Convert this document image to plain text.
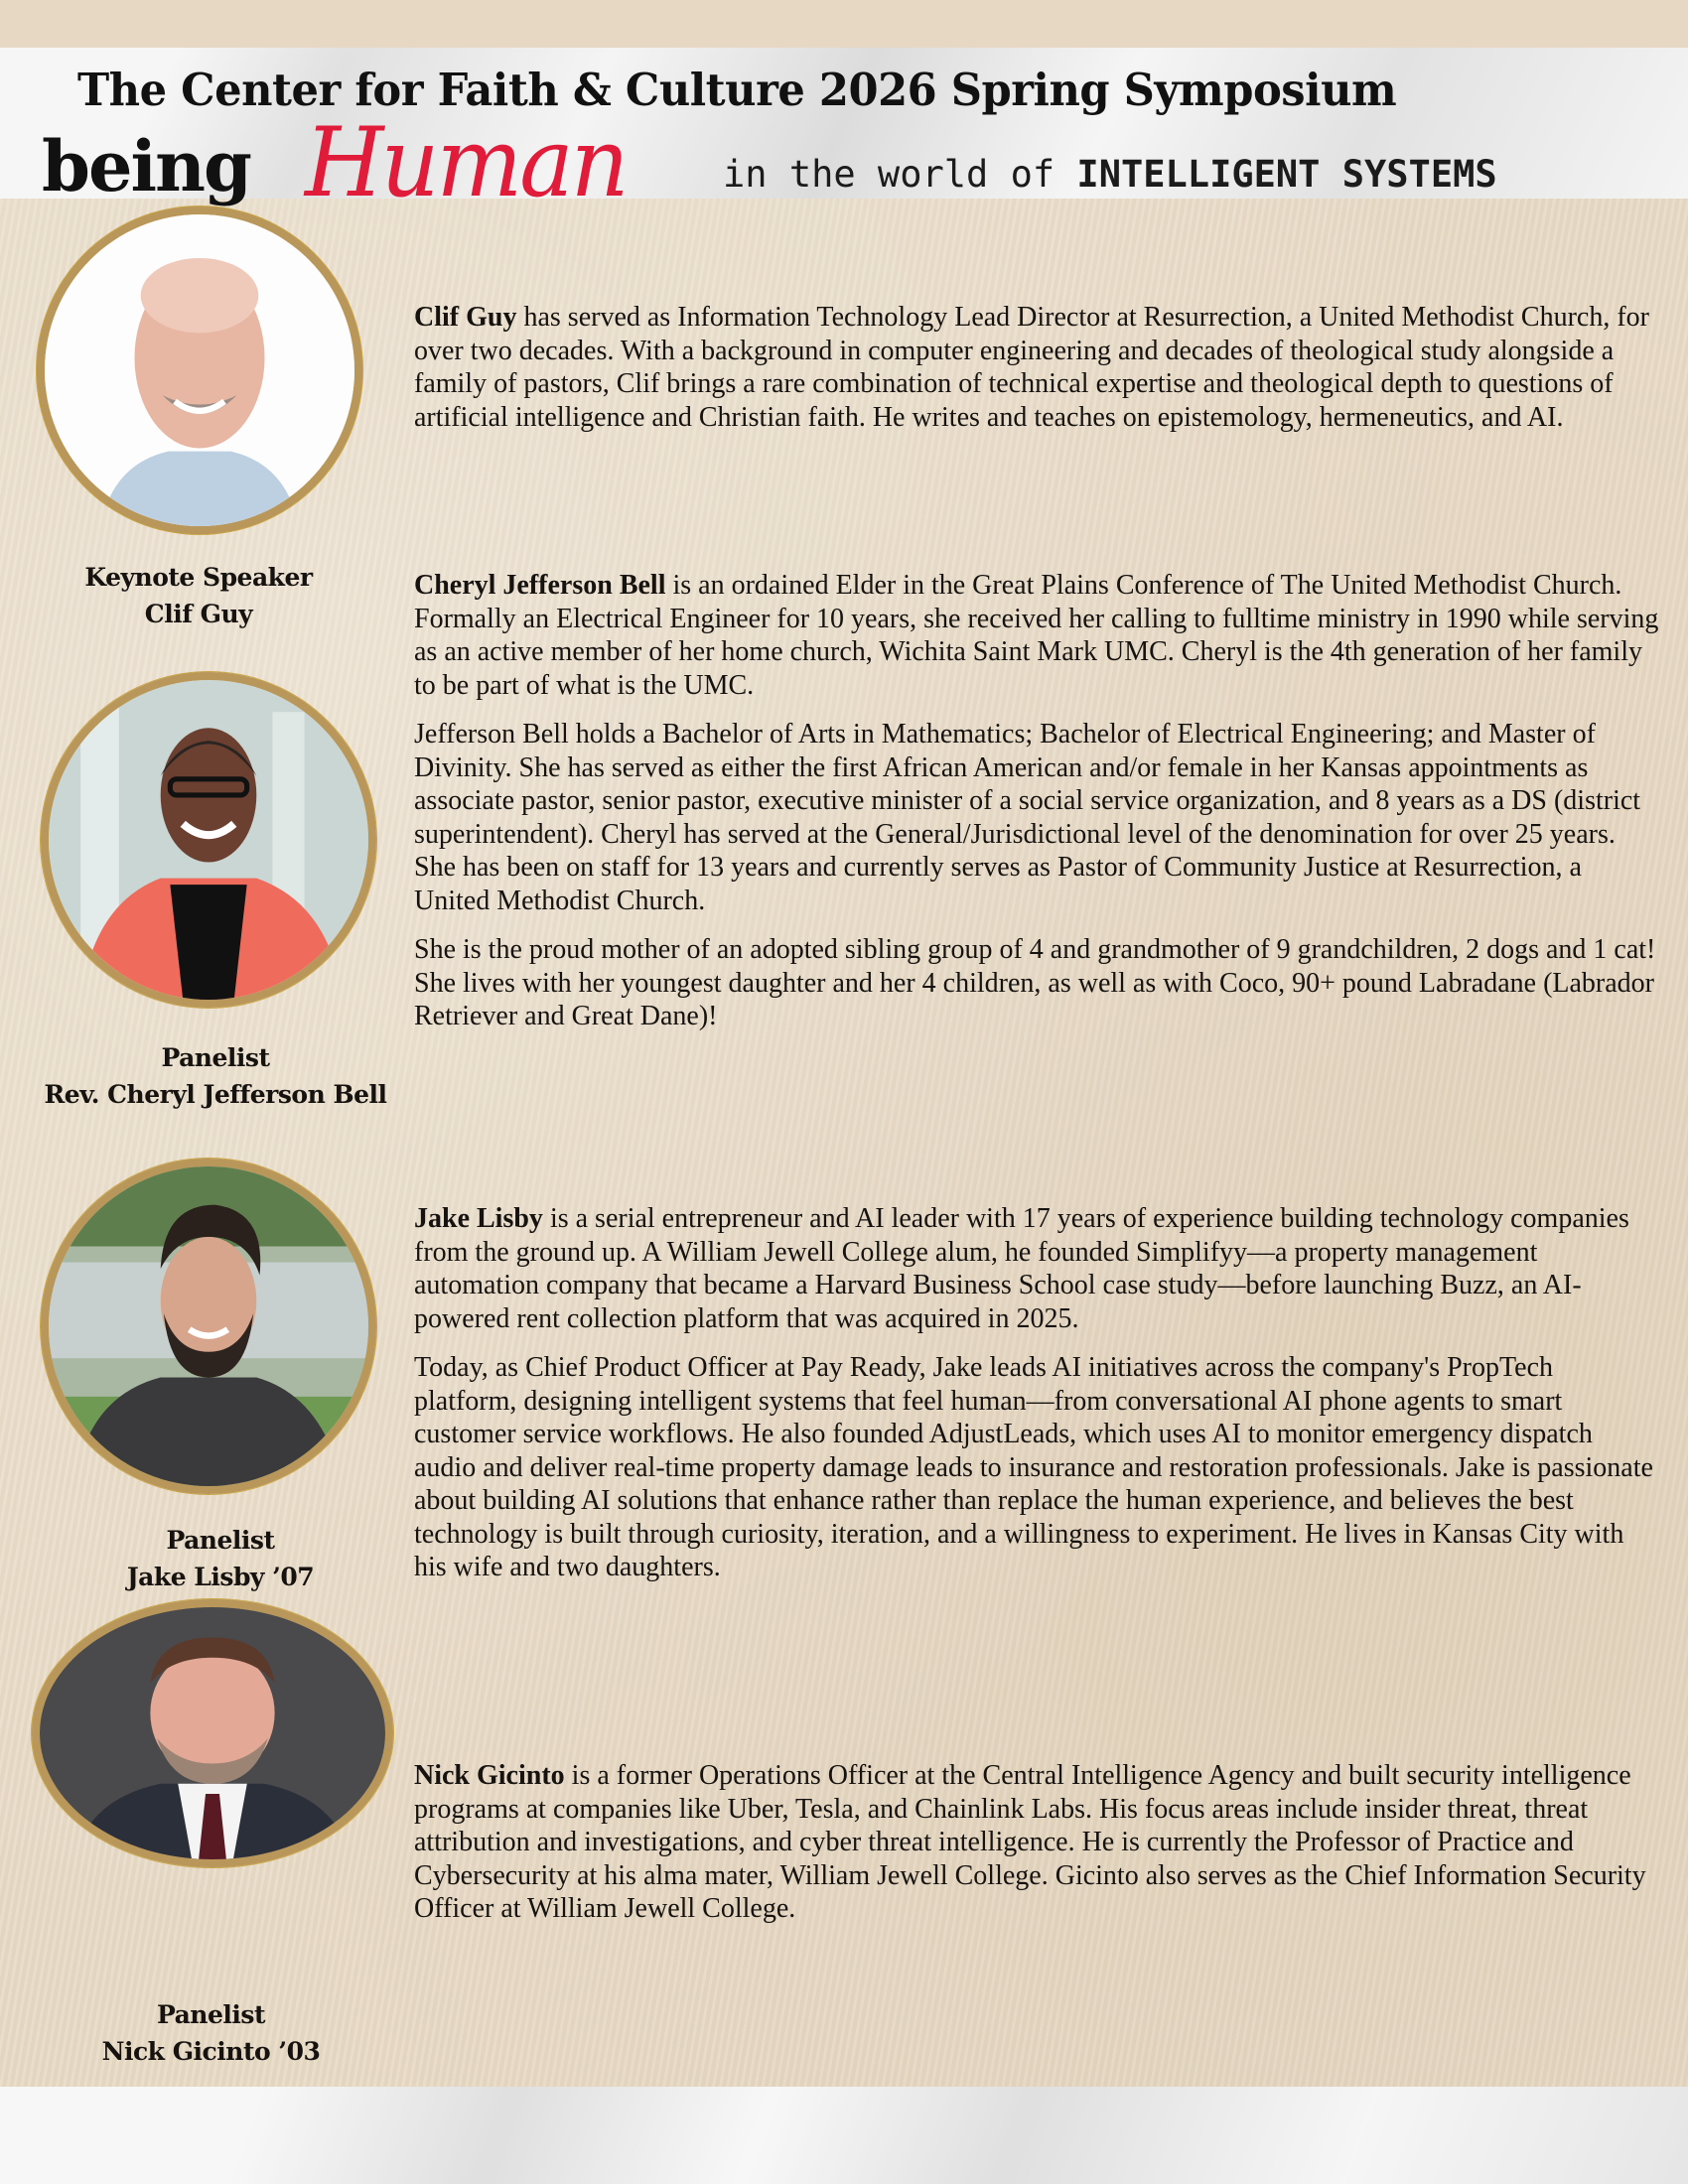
The Center for Faith & Culture 2026 Spring Symposium
being Human	in the world of INTELLIGENT SYSTEMS
Keynote Speaker
Clif Guy

Clif Guy has served as Information Technology Lead Director at Resurrection, a United Methodist Church, for over two decades. With a background in computer engineering and decades of theological study alongside a family of pastors, Clif brings a rare combination of technical expertise and theological depth to questions of artificial intelligence and Christian faith. He writes and teaches on epistemology, hermeneutics, and AI.

Panelist
Rev. Cheryl Jefferson Bell

Cheryl Jefferson Bell is an ordained Elder in the Great Plains Conference of The United Methodist Church. Formally an Electrical Engineer for 10 years, she received her calling to fulltime ministry in 1990 while serving as an active member of her home church, Wichita Saint Mark UMC. Cheryl is the 4th generation of her family to be part of what is the UMC.

Jefferson Bell holds a Bachelor of Arts in Mathematics; Bachelor of Electrical Engineering; and Master of Divinity. She has served as either the first African American and/or female in her Kansas appointments as associate pastor, senior pastor, executive minister of a social service organization, and 8 years as a DS (district superintendent). Cheryl has served at the General/Jurisdictional level of the denomination for over 25 years. She has been on staff for 13 years and currently serves as Pastor of Community Justice at Resurrection, a United Methodist Church.

She is the proud mother of an adopted sibling group of 4 and grandmother of 9 grandchildren, 2 dogs and 1 cat! She lives with her youngest daughter and her 4 children, as well as with Coco, 90+ pound Labradane (Labrador Retriever and Great Dane)!

Panelist
Jake Lisby ’07

Jake Lisby is a serial entrepreneur and AI leader with 17 years of experience building technology companies from the ground up. A William Jewell College alum, he founded Simplifyy—a property management automation company that became a Harvard Business School case study—before launching Buzz, an AI-powered rent collection platform that was acquired in 2025.

Today, as Chief Product Officer at Pay Ready, Jake leads AI initiatives across the company's PropTech platform, designing intelligent systems that feel human—from conversational AI phone agents to smart customer service workflows. He also founded AdjustLeads, which uses AI to monitor emergency dispatch audio and deliver real-time property damage leads to insurance and restoration professionals. Jake is passionate about building AI solutions that enhance rather than replace the human experience, and believes the best technology is built through curiosity, iteration, and a willingness to experiment. He lives in Kansas City with his wife and two daughters.

Panelist
Nick Gicinto ’03

Nick Gicinto is a former Operations Officer at the Central Intelligence Agency and built security intelligence programs at companies like Uber, Tesla, and Chainlink Labs. His focus areas include insider threat, threat attribution and investigations, and cyber threat intelligence. He is currently the Professor of Practice and Cybersecurity at his alma mater, William Jewell College. Gicinto also serves as the Chief Information Security Officer at William Jewell College.
